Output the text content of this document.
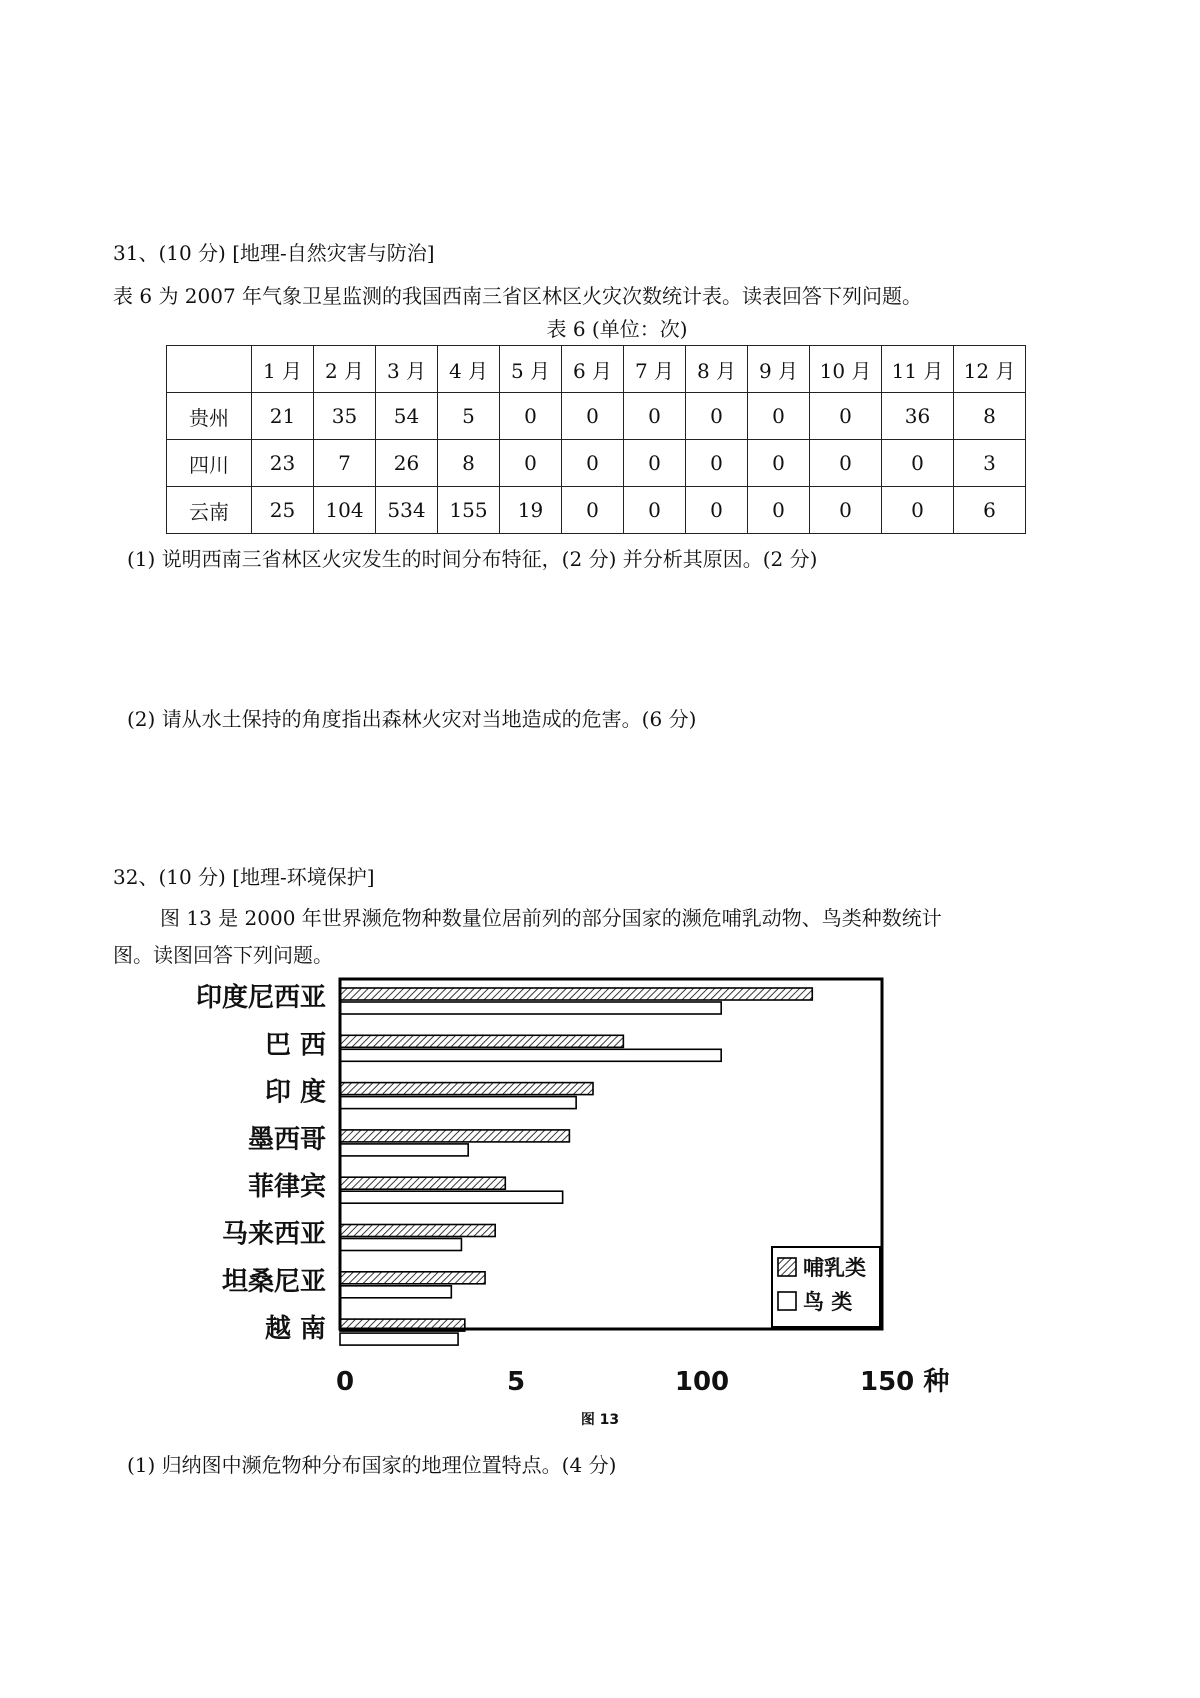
31、(10 分) [地理-自然灾害与防治]
表 6 为 2007 年气象卫星监测的我国西南三省区林区火灾次数统计表。读表回答下列问题。
表 6 (单位：次)
	1 月	2 月	3 月	4 月	5 月	6 月	7 月	8 月	9 月	10 月	11 月	12 月
贵州	21	35	54	5	0	0	0	0	0	0	36	8
四川	23	7	26	8	0	0	0	0	0	0	0	3
云南	25	104	534	155	19	0	0	0	0	0	0	6
(1) 说明西南三省林区火灾发生的时间分布特征，(2 分) 并分析其原因。(2 分)
(2) 请从水土保持的角度指出森林火灾对当地造成的危害。(6 分)
32、(10 分) [地理-环境保护]
图 13 是 2000 年世界濒危物种数量位居前列的部分国家的濒危哺乳动物、鸟类种数统计
图。读图回答下列问题。
印度尼西亚
巴 西
印 度
墨西哥
菲律宾
马来西亚
坦桑尼亚
越 南
哺乳类
鸟 类
0	5	100	150 种
图 13
(1) 归纳图中濒危物种分布国家的地理位置特点。(4 分)
